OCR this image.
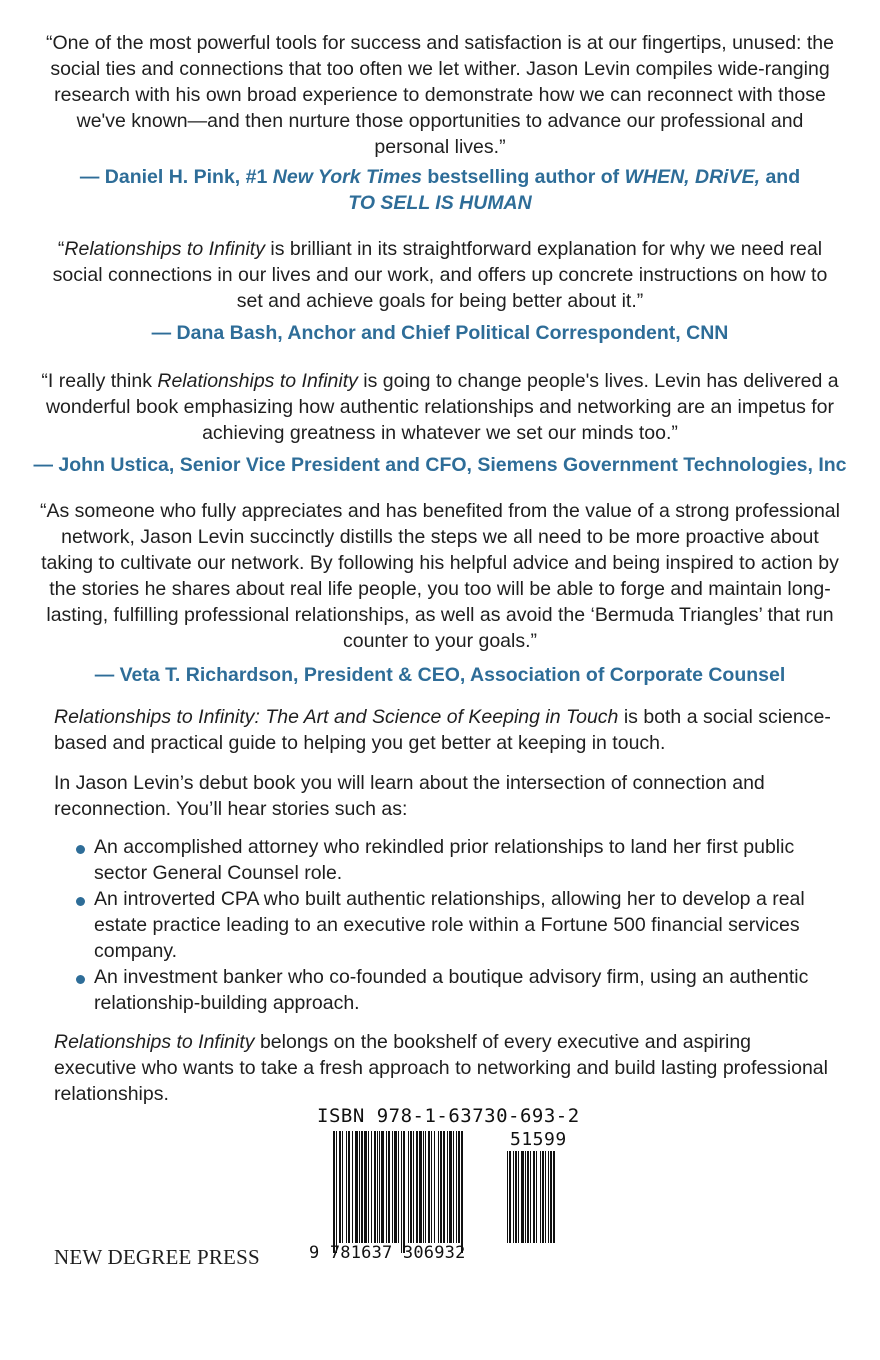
“One of the most powerful tools for success and satisfaction is at our fingertips, unused: the social ties and connections that too often we let wither. Jason Levin compiles wide-ranging research with his own broad experience to demonstrate how we can reconnect with those we've known—and then nurture those opportunities to advance our professional and personal lives.”
— Daniel H. Pink, #1 New York Times bestselling author of WHEN, DRiVE, and
TO SELL IS HUMAN
“Relationships to Infinity is brilliant in its straightforward explanation for why we need real social connections in our lives and our work, and offers up concrete instructions on how to set and achieve goals for being better about it.”
— Dana Bash, Anchor and Chief Political Correspondent, CNN
“I really think Relationships to Infinity is going to change people's lives. Levin has delivered a wonderful book emphasizing how authentic relationships and networking are an impetus for achieving greatness in whatever we set our minds too.”
— John Ustica, Senior Vice President and CFO, Siemens Government Technologies, Inc
“As someone who fully appreciates and has benefited from the value of a strong professional network, Jason Levin succinctly distills the steps we all need to be more proactive about taking to cultivate our network. By following his helpful advice and being inspired to action by the stories he shares about real life people, you too will be able to forge and maintain long-lasting, fulfilling professional relationships, as well as avoid the ‘Bermuda Triangles’ that run counter to your goals.”
— Veta T. Richardson, President & CEO, Association of Corporate Counsel
Relationships to Infinity: The Art and Science of Keeping in Touch is both a social science-based and practical guide to helping you get better at keeping in touch.
In Jason Levin’s debut book you will learn about the intersection of connection and reconnection. You’ll hear stories such as:
An accomplished attorney who rekindled prior relationships to land her first public sector General Counsel role.
An introverted CPA who built authentic relationships, allowing her to develop a real estate practice leading to an executive role within a Fortune 500 financial services company.
An investment banker who co-founded a boutique advisory firm, using an authentic relationship-building approach.
Relationships to Infinity belongs on the bookshelf of every executive and aspiring executive who wants to take a fresh approach to networking and build lasting professional relationships.
ISBN 978-1-63730-693-2
51599
9 781637 306932
NEW DEGREE PRESS
